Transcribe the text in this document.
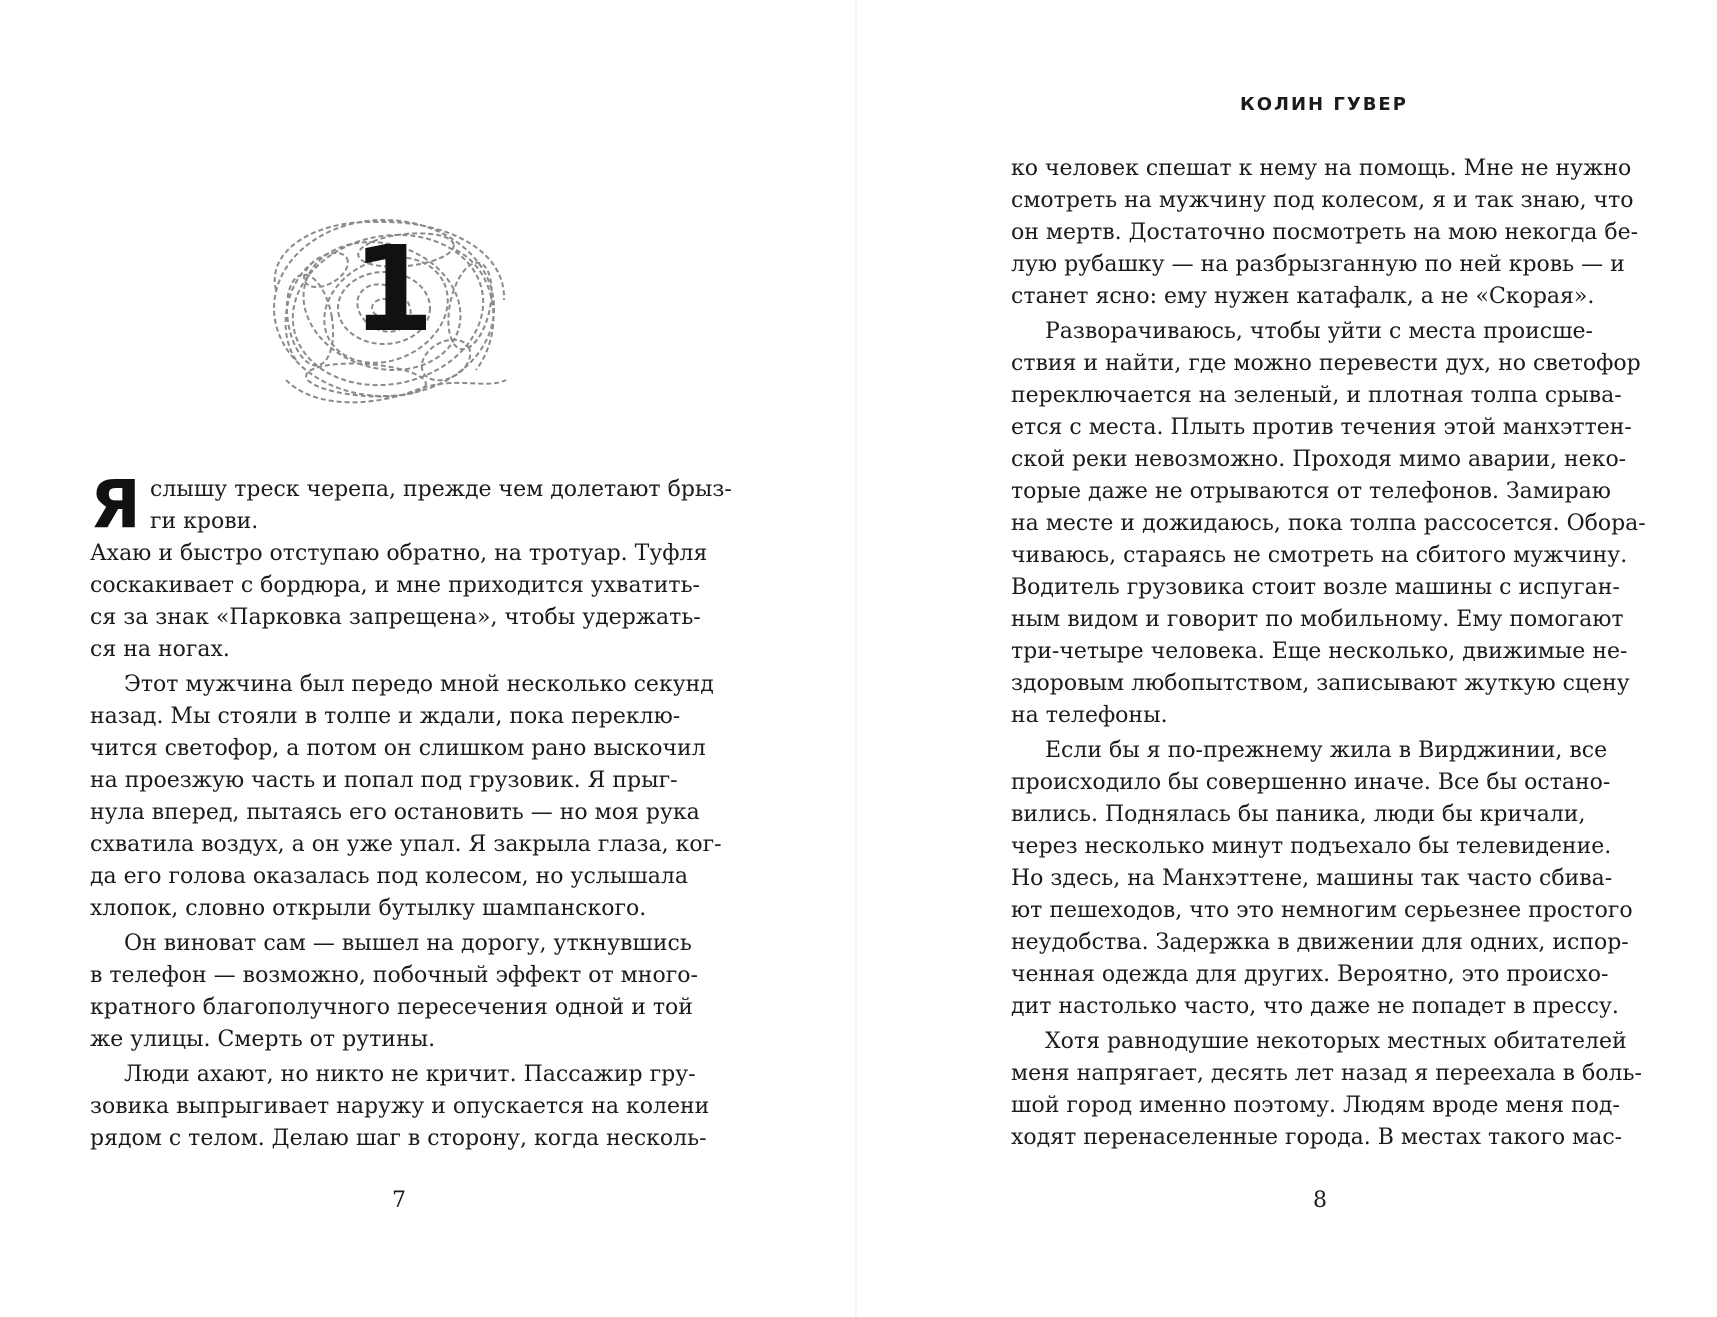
КОЛИН ГУВЕР
1
Я слышу треск черепа, прежде чем долетают брыз-
ги крови.
Ахаю и быстро отступаю обратно, на тротуар. Туфля
соскакивает с бордюра, и мне приходится ухватить-
ся за знак «Парковка запрещена», чтобы удержать-
ся на ногах.
Этот мужчина был передо мной несколько секунд
назад. Мы стояли в толпе и ждали, пока переклю-
чится светофор, а потом он слишком рано выскочил
на проезжую часть и попал под грузовик. Я прыг-
нула вперед, пытаясь его остановить — но моя рука
схватила воздух, а он уже упал. Я закрыла глаза, ког-
да его голова оказалась под колесом, но услышала
хлопок, словно открыли бутылку шампанского.
Он виноват сам — вышел на дорогу, уткнувшись
в телефон — возможно, побочный эффект от много-
кратного благополучного пересечения одной и той
же улицы. Смерть от рутины.
Люди ахают, но никто не кричит. Пассажир гру-
зовика выпрыгивает наружу и опускается на колени
рядом с телом. Делаю шаг в сторону, когда несколь-
ко человек спешат к нему на помощь. Мне не нужно
смотреть на мужчину под колесом, я и так знаю, что
он мертв. Достаточно посмотреть на мою некогда бе-
лую рубашку — на разбрызганную по ней кровь — и
станет ясно: ему нужен катафалк, а не «Скорая».
Разворачиваюсь, чтобы уйти с места происше-
ствия и найти, где можно перевести дух, но светофор
переключается на зеленый, и плотная толпа срыва-
ется с места. Плыть против течения этой манхэттен-
ской реки невозможно. Проходя мимо аварии, неко-
торые даже не отрываются от телефонов. Замираю
на месте и дожидаюсь, пока толпа рассосется. Обора-
чиваюсь, стараясь не смотреть на сбитого мужчину.
Водитель грузовика стоит возле машины с испуган-
ным видом и говорит по мобильному. Ему помогают
три-четыре человека. Еще несколько, движимые не-
здоровым любопытством, записывают жуткую сцену
на телефоны.
Если бы я по-прежнему жила в Вирджинии, все
происходило бы совершенно иначе. Все бы остано-
вились. Поднялась бы паника, люди бы кричали,
через несколько минут подъехало бы телевидение.
Но здесь, на Манхэттене, машины так часто сбива-
ют пешеходов, что это немногим серьезнее простого
неудобства. Задержка в движении для одних, испор-
ченная одежда для других. Вероятно, это происхо-
дит настолько часто, что даже не попадет в прессу.
Хотя равнодушие некоторых местных обитателей
меня напрягает, десять лет назад я переехала в боль-
шой город именно поэтому. Людям вроде меня под-
ходят перенаселенные города. В местах такого мас-
7	8
